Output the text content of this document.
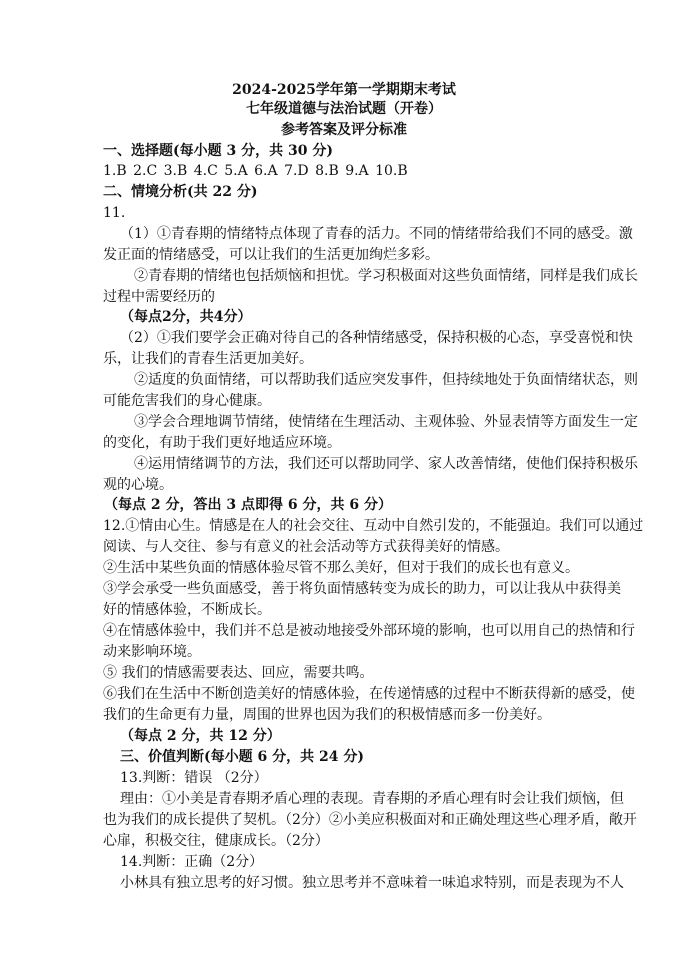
2024-2025学年第一学期期末考试
七年级道德与法治试题（开卷）
参考答案及评分标准
一、选择题(每小题 3 分，共 30 分)
1.B 2.C 3.B 4.C 5.A 6.A 7.D 8.B 9.A 10.B
二、情境分析(共 22 分)
11.
（1）①青春期的情绪特点体现了青春的活力。不同的情绪带给我们不同的感受。激
发正面的情绪感受，可以让我们的生活更加绚烂多彩。
②青春期的情绪也包括烦恼和担忧。学习积极面对这些负面情绪，同样是我们成长
过程中需要经历的
（每点2分，共4分）
（2）①我们要学会正确对待自己的各种情绪感受，保持积极的心态，享受喜悦和快
乐，让我们的青春生活更加美好。
②适度的负面情绪，可以帮助我们适应突发事件，但持续地处于负面情绪状态，则
可能危害我们的身心健康。
③学会合理地调节情绪，使情绪在生理活动、主观体验、外显表情等方面发生一定
的变化，有助于我们更好地适应环境。
④运用情绪调节的方法，我们还可以帮助同学、家人改善情绪，使他们保持积极乐
观的心境。
（每点 2 分，答出 3 点即得 6 分，共 6 分）
12.①情由心生。情感是在人的社会交往、互动中自然引发的，不能强迫。我们可以通过
阅读、与人交往、参与有意义的社会活动等方式获得美好的情感。
②生活中某些负面的情感体验尽管不那么美好，但对于我们的成长也有意义。
③学会承受一些负面感受，善于将负面情感转变为成长的助力，可以让我从中获得美
好的情感体验，不断成长。
④在情感体验中，我们并不总是被动地接受外部环境的影响，也可以用自己的热情和行
动来影响环境。
⑤ 我们的情感需要表达、回应，需要共鸣。
⑥我们在生活中不断创造美好的情感体验，在传递情感的过程中不断获得新的感受，使
我们的生命更有力量，周围的世界也因为我们的积极情感而多一份美好。
（每点 2 分，共 12 分）
三、价值判断(每小题 6 分，共 24 分)
13.判断：错误 （2分）
理由：①小美是青春期矛盾心理的表现。青春期的矛盾心理有时会让我们烦恼，但
也为我们的成长提供了契机。（2分）②小美应积极面对和正确处理这些心理矛盾，敞开
心扉，积极交往，健康成长。（2分）
14.判断：正确（2分）
小林具有独立思考的好习惯。独立思考并不意味着一味追求特别，而是表现为不人
